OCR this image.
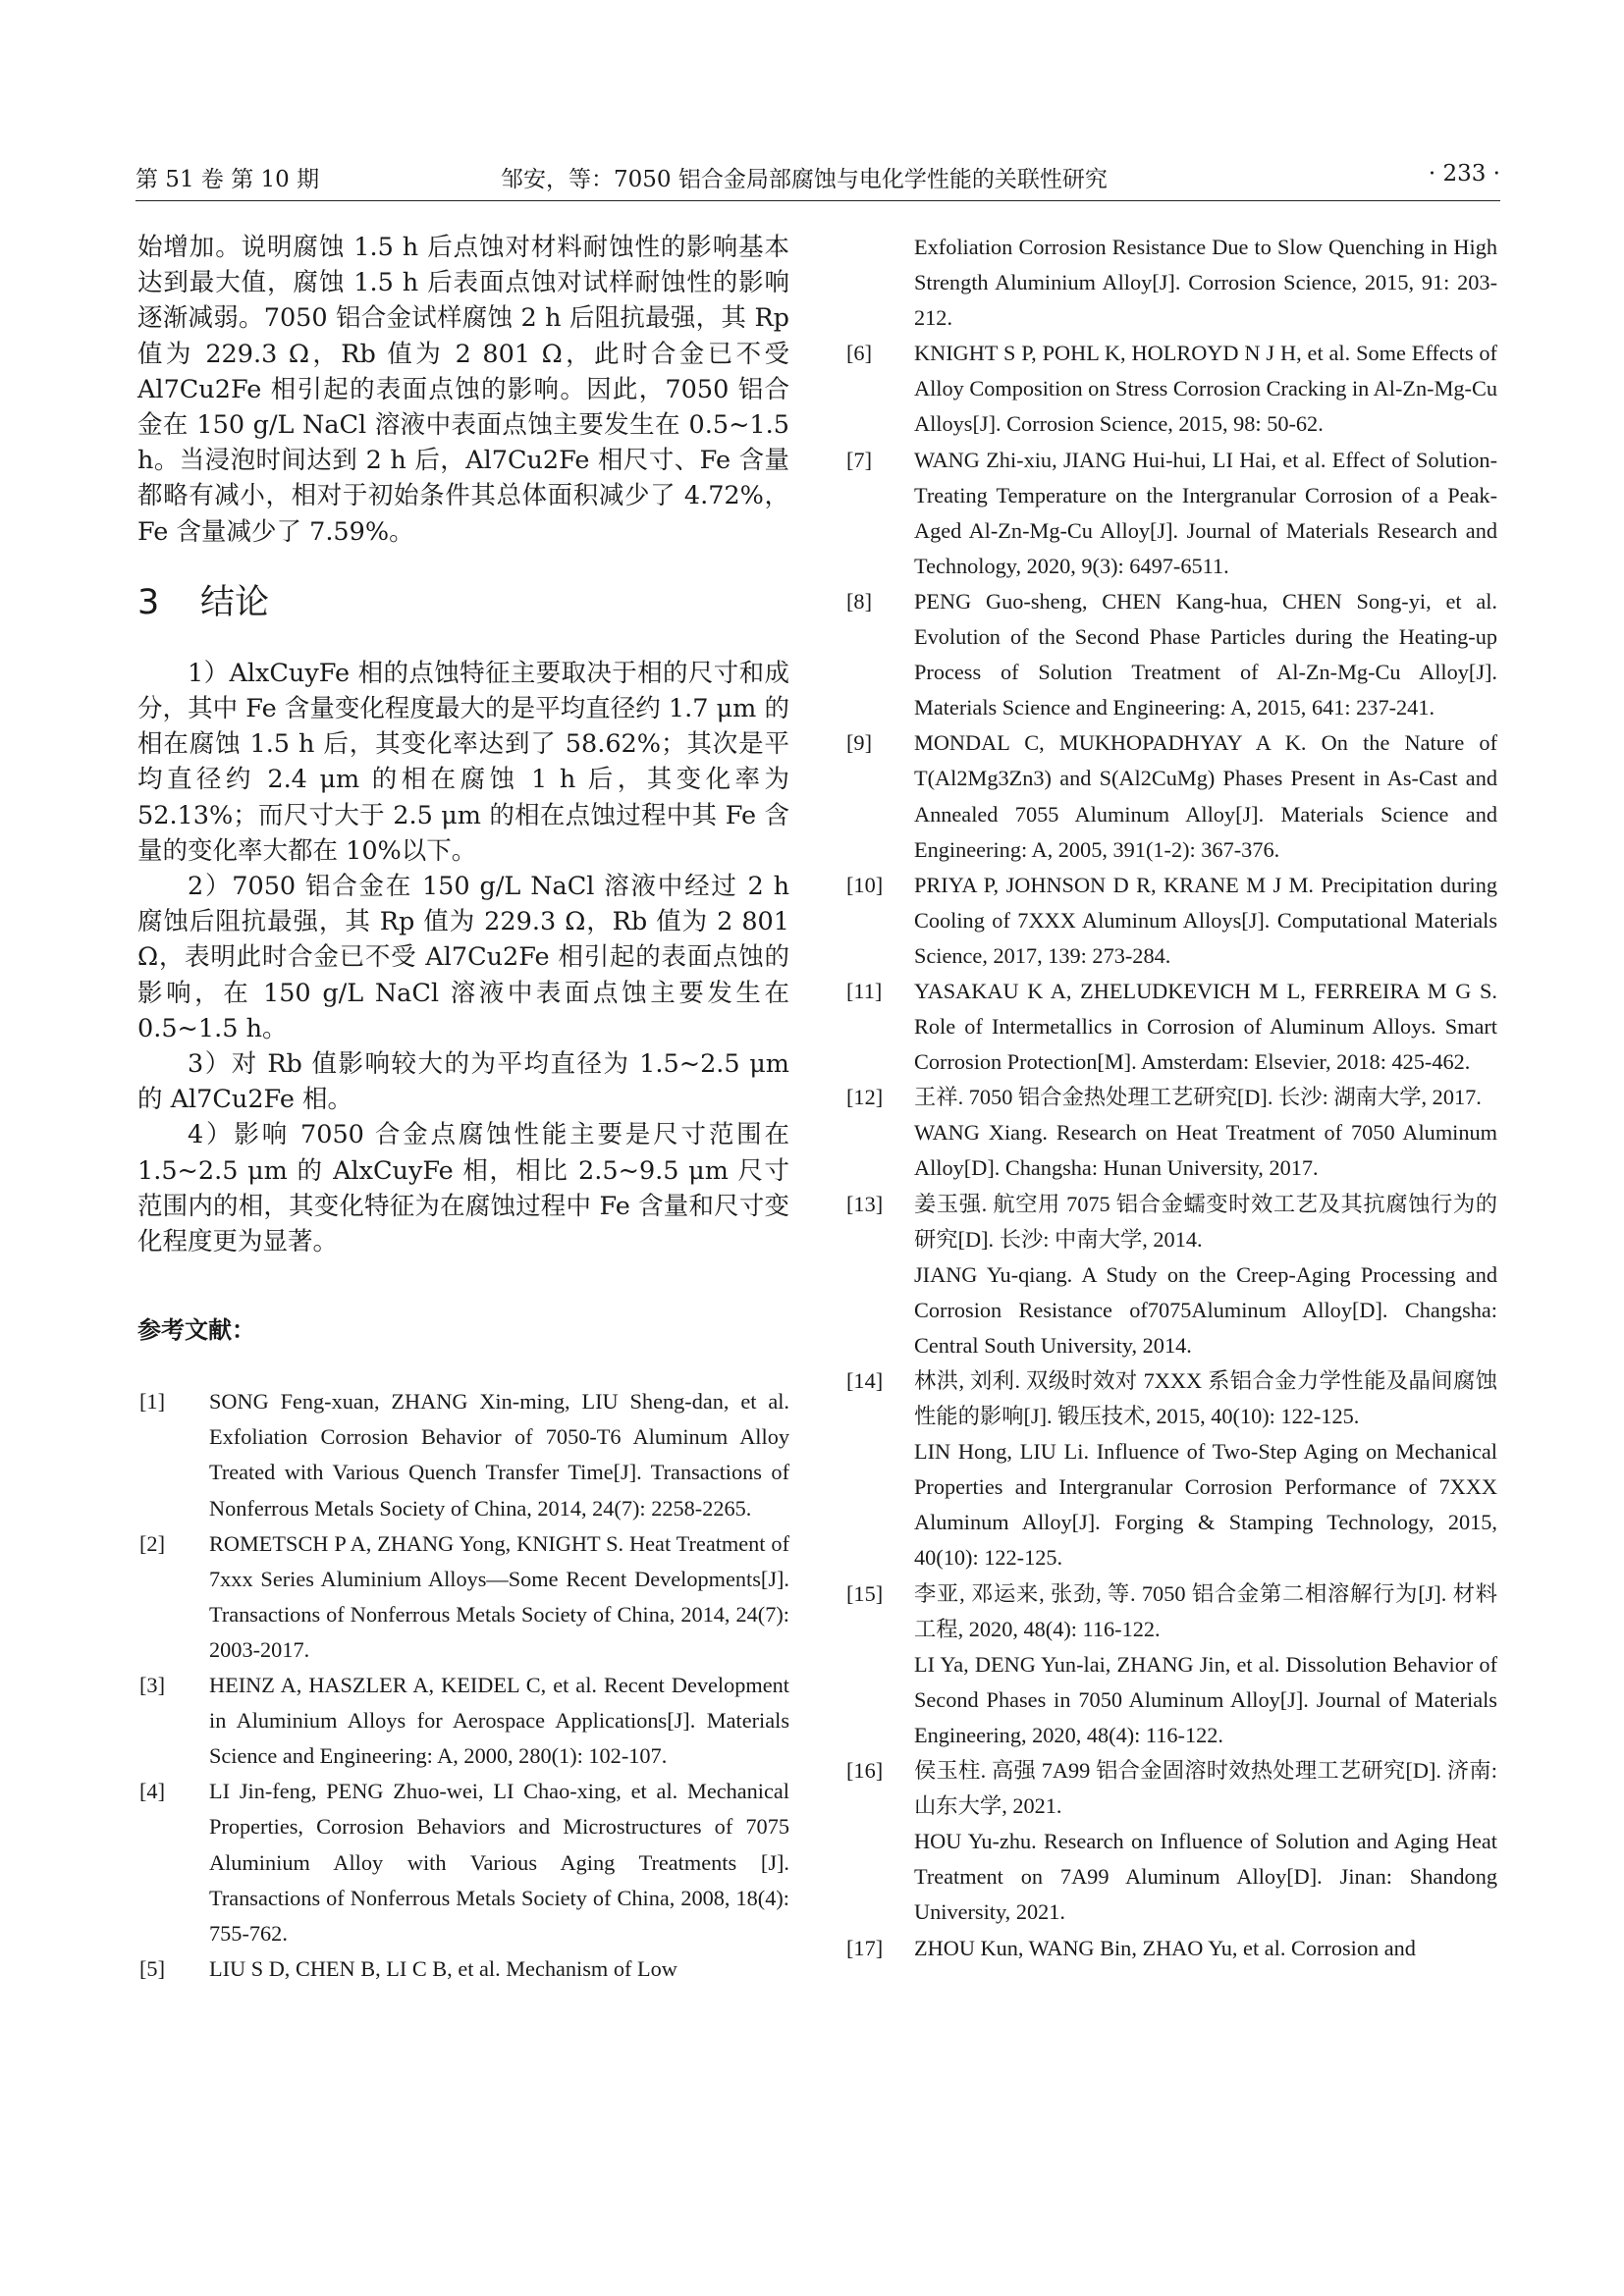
第 51 卷 第 10 期	邹安，等：7050 铝合金局部腐蚀与电化学性能的关联性研究	· 233 ·

始增加。说明腐蚀 1.5 h 后点蚀对材料耐蚀性的影响基本达到最大值，腐蚀 1.5 h 后表面点蚀对试样耐蚀性的影响逐渐减弱。7050 铝合金试样腐蚀 2 h 后阻抗最强，其 Rp 值为 229.3 Ω，Rb 值为 2 801 Ω，此时合金已不受 Al7Cu2Fe 相引起的表面点蚀的影响。因此，7050 铝合金在 150 g/L NaCl 溶液中表面点蚀主要发生在 0.5~1.5 h。当浸泡时间达到 2 h 后，Al7Cu2Fe 相尺寸、Fe 含量都略有减小，相对于初始条件其总体面积减少了 4.72%，Fe 含量减少了 7.59%。

3 结论

1）AlxCuyFe 相的点蚀特征主要取决于相的尺寸和成分，其中 Fe 含量变化程度最大的是平均直径约 1.7 μm 的相在腐蚀 1.5 h 后，其变化率达到了 58.62%；其次是平均直径约 2.4 μm 的相在腐蚀 1 h 后，其变化率为 52.13%；而尺寸大于 2.5 μm 的相在点蚀过程中其 Fe 含量的变化率大都在 10%以下。

2）7050 铝合金在 150 g/L NaCl 溶液中经过 2 h 腐蚀后阻抗最强，其 Rp 值为 229.3 Ω，Rb 值为 2 801 Ω，表明此时合金已不受 Al7Cu2Fe 相引起的表面点蚀的影响，在 150 g/L NaCl 溶液中表面点蚀主要发生在 0.5~1.5 h。

3）对 Rb 值影响较大的为平均直径为 1.5~2.5 μm 的 Al7Cu2Fe 相。

4）影响 7050 合金点腐蚀性能主要是尺寸范围在 1.5~2.5 μm 的 AlxCuyFe 相，相比 2.5~9.5 μm 尺寸范围内的相，其变化特征为在腐蚀过程中 Fe 含量和尺寸变化程度更为显著。

参考文献：

[1] SONG Feng-xuan, ZHANG Xin-ming, LIU Sheng-dan, et al. Exfoliation Corrosion Behavior of 7050-T6 Aluminum Alloy Treated with Various Quench Transfer Time[J]. Transactions of Nonferrous Metals Society of China, 2014, 24(7): 2258-2265.

[2] ROMETSCH P A, ZHANG Yong, KNIGHT S. Heat Treatment of 7xxx Series Aluminium Alloys—Some Recent Developments[J]. Transactions of Nonferrous Metals Society of China, 2014, 24(7): 2003-2017.

[3] HEINZ A, HASZLER A, KEIDEL C, et al. Recent Development in Aluminium Alloys for Aerospace Applications[J]. Materials Science and Engineering: A, 2000, 280(1): 102-107.

[4] LI Jin-feng, PENG Zhuo-wei, LI Chao-xing, et al. Mechanical Properties, Corrosion Behaviors and Microstructures of 7075 Aluminium Alloy with Various Aging Treatments [J]. Transactions of Nonferrous Metals Society of China, 2008, 18(4): 755-762.

[5] LIU S D, CHEN B, LI C B, et al. Mechanism of Low

Exfoliation Corrosion Resistance Due to Slow Quenching in High Strength Aluminium Alloy[J]. Corrosion Science, 2015, 91: 203-212.

[6] KNIGHT S P, POHL K, HOLROYD N J H, et al. Some Effects of Alloy Composition on Stress Corrosion Cracking in Al-Zn-Mg-Cu Alloys[J]. Corrosion Science, 2015, 98: 50-62.

[7] WANG Zhi-xiu, JIANG Hui-hui, LI Hai, et al. Effect of Solution-Treating Temperature on the Intergranular Corrosion of a Peak-Aged Al-Zn-Mg-Cu Alloy[J]. Journal of Materials Research and Technology, 2020, 9(3): 6497-6511.

[8] PENG Guo-sheng, CHEN Kang-hua, CHEN Song-yi, et al. Evolution of the Second Phase Particles during the Heating-up Process of Solution Treatment of Al-Zn-Mg-Cu Alloy[J]. Materials Science and Engineering: A, 2015, 641: 237-241.

[9] MONDAL C, MUKHOPADHYAY A K. On the Nature of T(Al2Mg3Zn3) and S(Al2CuMg) Phases Present in As-Cast and Annealed 7055 Aluminum Alloy[J]. Materials Science and Engineering: A, 2005, 391(1-2): 367-376.

[10] PRIYA P, JOHNSON D R, KRANE M J M. Precipitation during Cooling of 7XXX Aluminum Alloys[J]. Computational Materials Science, 2017, 139: 273-284.

[11] YASAKAU K A, ZHELUDKEVICH M L, FERREIRA M G S. Role of Intermetallics in Corrosion of Aluminum Alloys. Smart Corrosion Protection[M]. Amsterdam: Elsevier, 2018: 425-462.

[12] 王祥. 7050 铝合金热处理工艺研究[D]. 长沙: 湖南大学, 2017.
WANG Xiang. Research on Heat Treatment of 7050 Aluminum Alloy[D]. Changsha: Hunan University, 2017.

[13] 姜玉强. 航空用 7075 铝合金蠕变时效工艺及其抗腐蚀行为的研究[D]. 长沙: 中南大学, 2014.
JIANG Yu-qiang. A Study on the Creep-Aging Processing and Corrosion Resistance of7075Aluminum Alloy[D]. Changsha: Central South University, 2014.

[14] 林洪, 刘利. 双级时效对 7XXX 系铝合金力学性能及晶间腐蚀性能的影响[J]. 锻压技术, 2015, 40(10): 122-125.
LIN Hong, LIU Li. Influence of Two-Step Aging on Mechanical Properties and Intergranular Corrosion Performance of 7XXX Aluminum Alloy[J]. Forging & Stamping Technology, 2015, 40(10): 122-125.

[15] 李亚, 邓运来, 张劲, 等. 7050 铝合金第二相溶解行为[J]. 材料工程, 2020, 48(4): 116-122.
LI Ya, DENG Yun-lai, ZHANG Jin, et al. Dissolution Behavior of Second Phases in 7050 Aluminum Alloy[J]. Journal of Materials Engineering, 2020, 48(4): 116-122.

[16] 侯玉柱. 高强 7A99 铝合金固溶时效热处理工艺研究[D]. 济南: 山东大学, 2021.
HOU Yu-zhu. Research on Influence of Solution and Aging Heat Treatment on 7A99 Aluminum Alloy[D]. Jinan: Shandong University, 2021.

[17] ZHOU Kun, WANG Bin, ZHAO Yu, et al. Corrosion and
